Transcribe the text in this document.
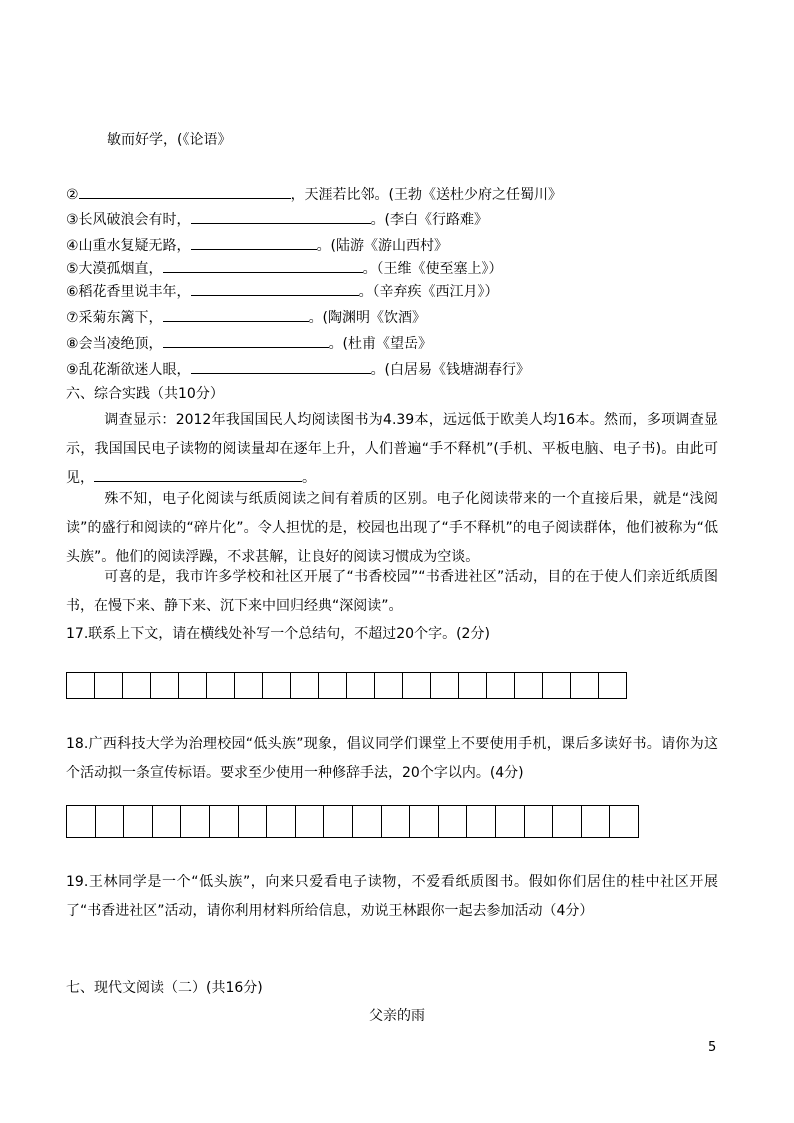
敏而好学，(《论语》
②	，天涯若比邻。(王勃《送杜少府之任蜀川》
③长风破浪会有时，	。(李白《行路难》
④山重水复疑无路，	。(陆游《游山西村》
⑤大漠孤烟直，	。（王维《使至塞上》）
⑥稻花香里说丰年，	。（辛弃疾《西江月》）
⑦采菊东篱下，	。(陶渊明《饮酒》
⑧会当凌绝顶，	。(杜甫《望岳》
⑨乱花渐欲迷人眼，	。(白居易《钱塘湖春行》
六、综合实践（共10分）
调查显示：2012年我国国民人均阅读图书为4.39本，远远低于欧美人均16本。然而，多项调查显示，我国国民电子读物的阅读量却在逐年上升，人们普遍“手不释机”(手机、平板电脑、电子书)。由此可见，	。
殊不知，电子化阅读与纸质阅读之间有着质的区别。电子化阅读带来的一个直接后果，就是“浅阅读”的盛行和阅读的“碎片化”。令人担忧的是，校园也出现了“手不释机”的电子阅读群体，他们被称为“低头族”。他们的阅读浮躁，不求甚解，让良好的阅读习惯成为空谈。
可喜的是，我市许多学校和社区开展了“书香校园”“书香进社区”活动，目的在于使人们亲近纸质图书，在慢下来、静下来、沉下来中回归经典“深阅读”。
17.联系上下文，请在横线处补写一个总结句，不超过20个字。(2分)
18.广西科技大学为治理校园“低头族”现象，倡议同学们课堂上不要使用手机，课后多读好书。请你为这个活动拟一条宣传标语。要求至少使用一种修辞手法，20个字以内。(4分)
19.王林同学是一个“低头族”，向来只爱看电子读物，不爱看纸质图书。假如你们居住的桂中社区开展了“书香进社区”活动，请你利用材料所给信息，劝说王林跟你一起去参加活动（4分）
七、现代文阅读（二）(共16分)
父亲的雨
5
